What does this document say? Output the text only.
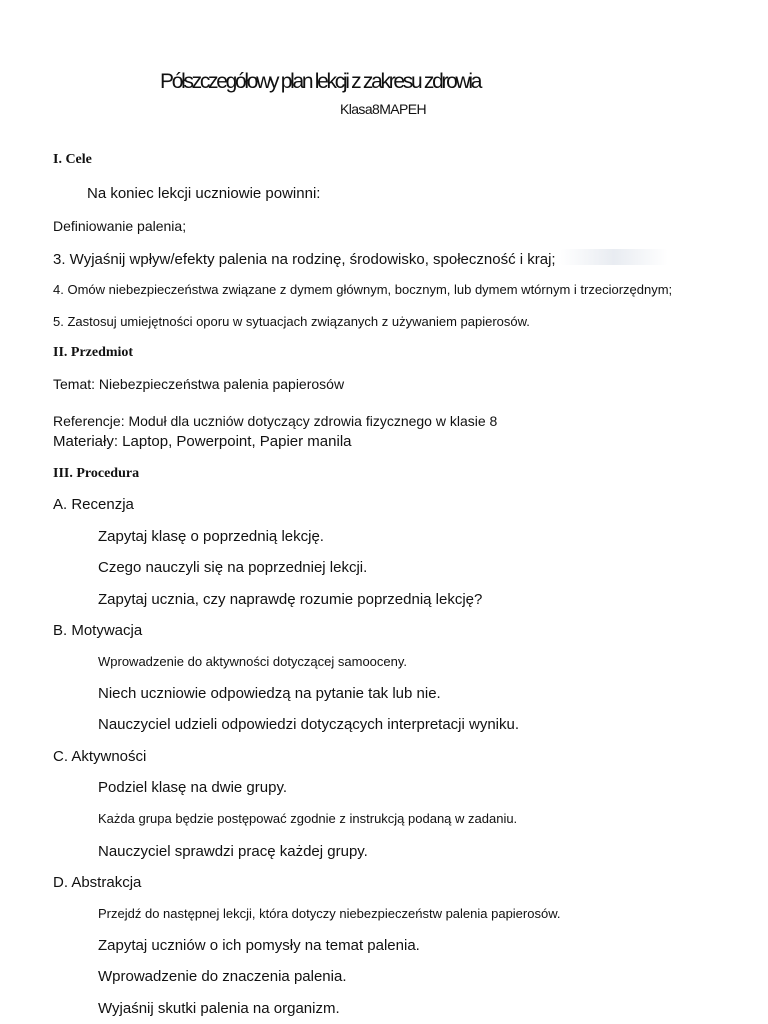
Półszczegółowy plan lekcji z zakresu zdrowia
Klasa8MAPEH
I. Cele
Na koniec lekcji uczniowie powinni:
Definiowanie palenia;
3. Wyjaśnij wpływ/efekty palenia na rodzinę, środowisko, społeczność i kraj;
4. Omów niebezpieczeństwa związane z dymem głównym, bocznym, lub dymem wtórnym i trzeciorzędnym;
5. Zastosuj umiejętności oporu w sytuacjach związanych z używaniem papierosów.
II. Przedmiot
Temat: Niebezpieczeństwa palenia papierosów
Referencje: Moduł dla uczniów dotyczący zdrowia fizycznego w klasie 8
Materiały: Laptop, Powerpoint, Papier manila
III. Procedura
A. Recenzja
Zapytaj klasę o poprzednią lekcję.
Czego nauczyli się na poprzedniej lekcji.
Zapytaj ucznia, czy naprawdę rozumie poprzednią lekcję?
B. Motywacja
Wprowadzenie do aktywności dotyczącej samooceny.
Niech uczniowie odpowiedzą na pytanie tak lub nie.
Nauczyciel udzieli odpowiedzi dotyczących interpretacji wyniku.
C. Aktywności
Podziel klasę na dwie grupy.
Każda grupa będzie postępować zgodnie z instrukcją podaną w zadaniu.
Nauczyciel sprawdzi pracę każdej grupy.
D. Abstrakcja
Przejdź do następnej lekcji, która dotyczy niebezpieczeństw palenia papierosów.
Zapytaj uczniów o ich pomysły na temat palenia.
Wprowadzenie do znaczenia palenia.
Wyjaśnij skutki palenia na organizm.
